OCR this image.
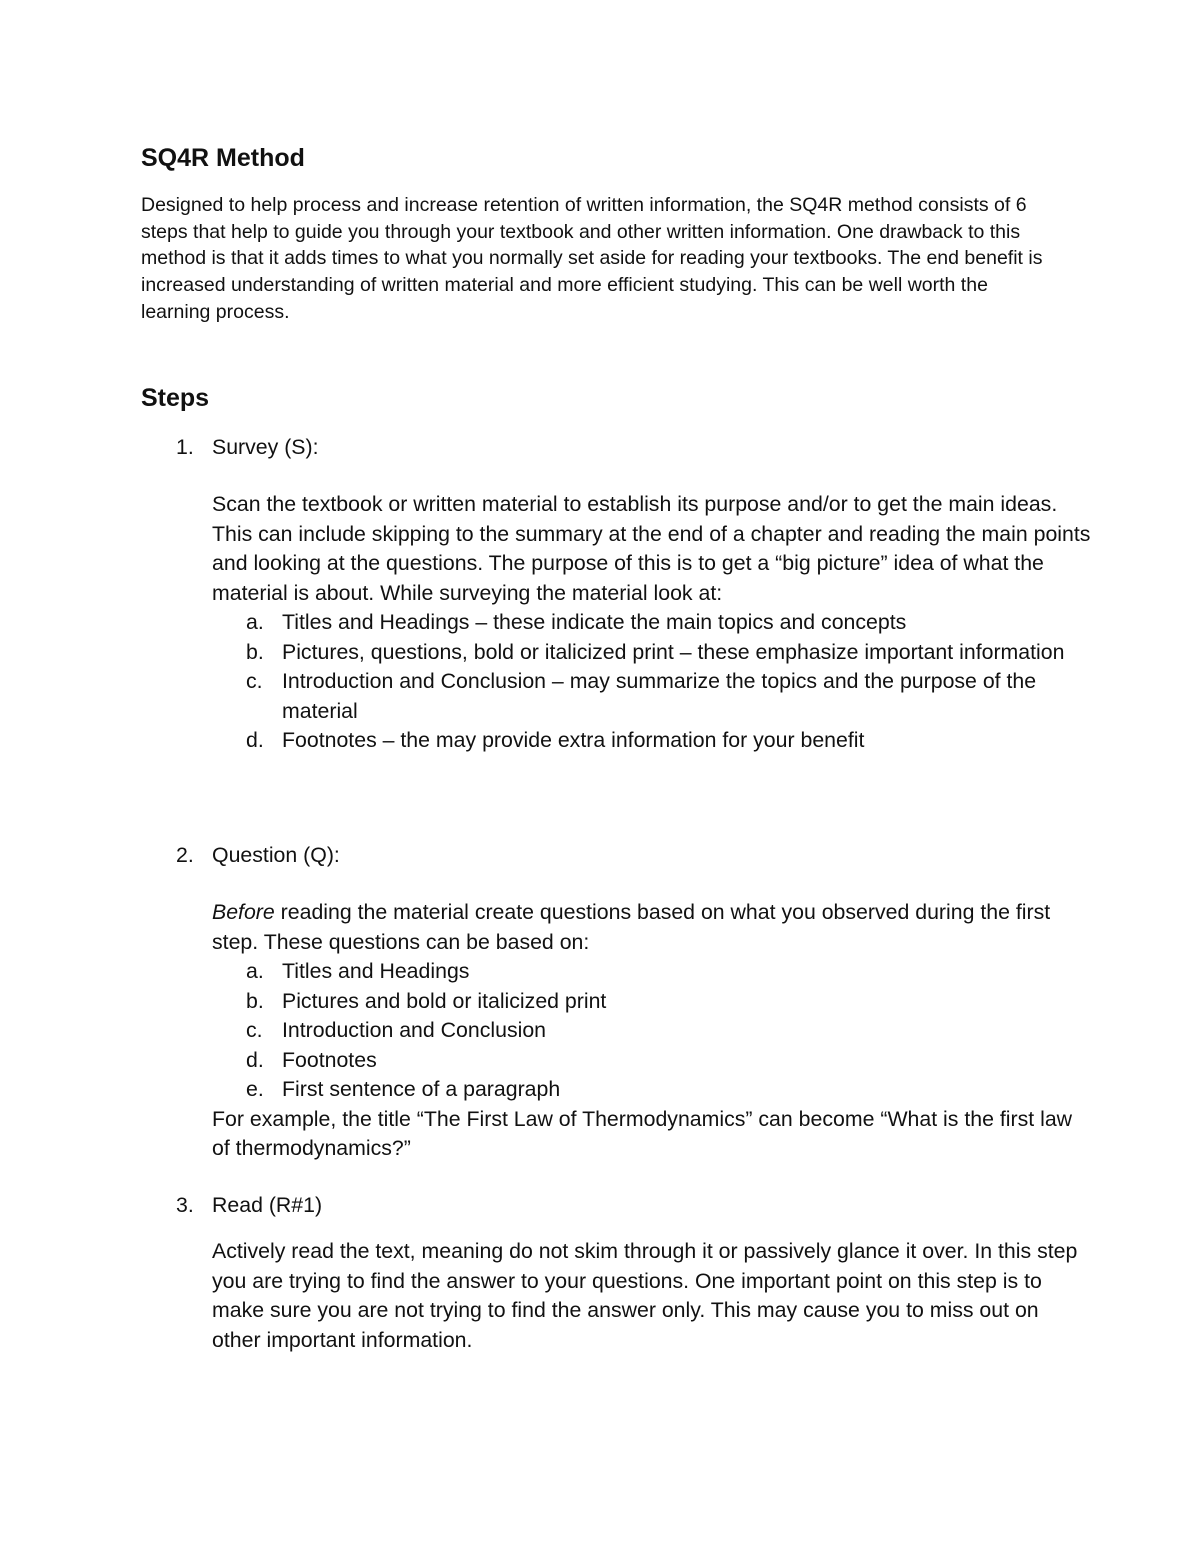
SQ4R Method

Designed to help process and increase retention of written information, the SQ4R method consists of 6 steps that help to guide you through your textbook and other written information. One drawback to this method is that it adds times to what you normally set aside for reading your textbooks. The end benefit is increased understanding of written material and more efficient studying. This can be well worth the learning process.

Steps
1. Survey (S):

Scan the textbook or written material to establish its purpose and/or to get the main ideas. This can include skipping to the summary at the end of a chapter and reading the main points and looking at the questions. The purpose of this is to get a “big picture” idea of what the material is about. While surveying the material look at:

a. Titles and Headings – these indicate the main topics and concepts
b. Pictures, questions, bold or italicized print – these emphasize important information
c. Introduction and Conclusion – may summarize the topics and the purpose of the material
d. Footnotes – the may provide extra information for your benefit
2. Question (Q):

Before reading the material create questions based on what you observed during the first step. These questions can be based on:

a. Titles and Headings
b. Pictures and bold or italicized print
c. Introduction and Conclusion
d. Footnotes
e. First sentence of a paragraph

For example, the title “The First Law of Thermodynamics” can become “What is the first law of thermodynamics?”

3. Read (R#1)

Actively read the text, meaning do not skim through it or passively glance it over. In this step you are trying to find the answer to your questions. One important point on this step is to make sure you are not trying to find the answer only. This may cause you to miss out on other important information.
